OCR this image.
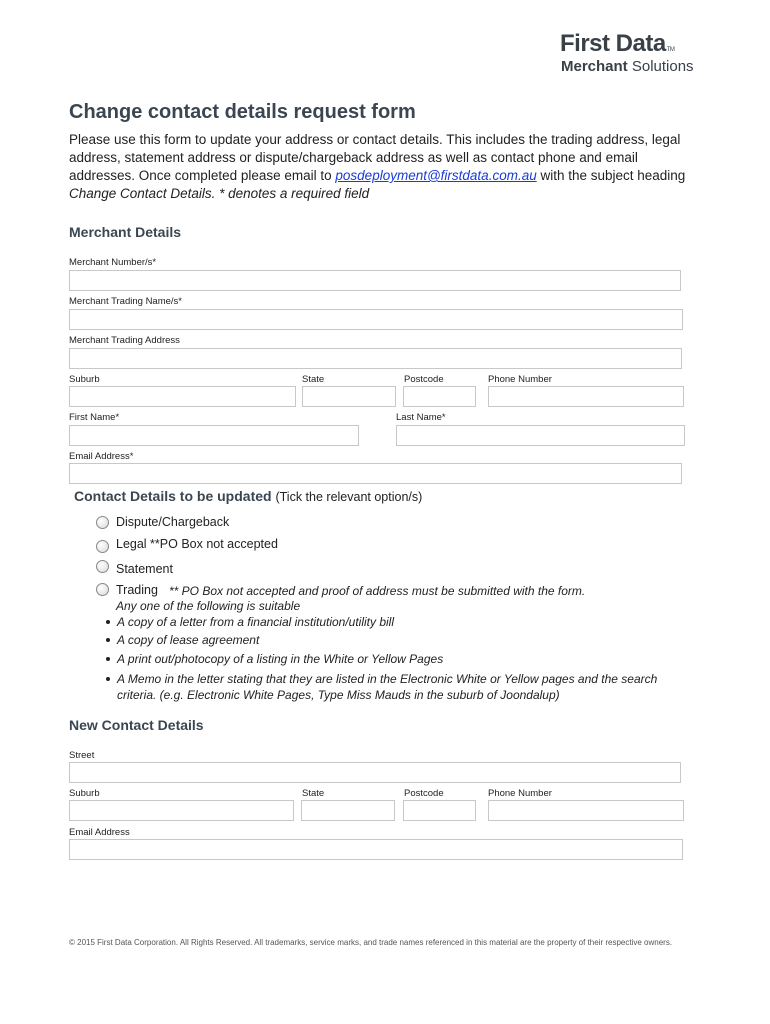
First DataTM
Merchant Solutions
Change contact details request form
Please use this form to update your address or contact details. This includes the trading address, legal address, statement address or dispute/chargeback address as well as contact phone and email addresses. Once completed please email to posdeployment@firstdata.com.au with the subject heading Change Contact Details. * denotes a required field
Merchant Details
Merchant Number/s*
Merchant Trading Name/s*
Merchant Trading Address
Suburb	State	Postcode	Phone Number
First Name*	Last Name*
Email Address*
Contact Details to be updated (Tick the relevant option/s)
Dispute/Chargeback
Legal **PO Box not accepted
Statement
Trading ** PO Box not accepted and proof of address must be submitted with the form.
Any one of the following is suitable
A copy of a letter from a financial institution/utility bill
A copy of lease agreement
A print out/photocopy of a listing in the White or Yellow Pages
A Memo in the letter stating that they are listed in the Electronic White or Yellow pages and the search criteria. (e.g. Electronic White Pages, Type Miss Mauds in the suburb of Joondalup)
New Contact Details
Street
Suburb	State	Postcode	Phone Number
Email Address
© 2015 First Data Corporation. All Rights Reserved. All trademarks, service marks, and trade names referenced in this material are the property of their respective owners.
